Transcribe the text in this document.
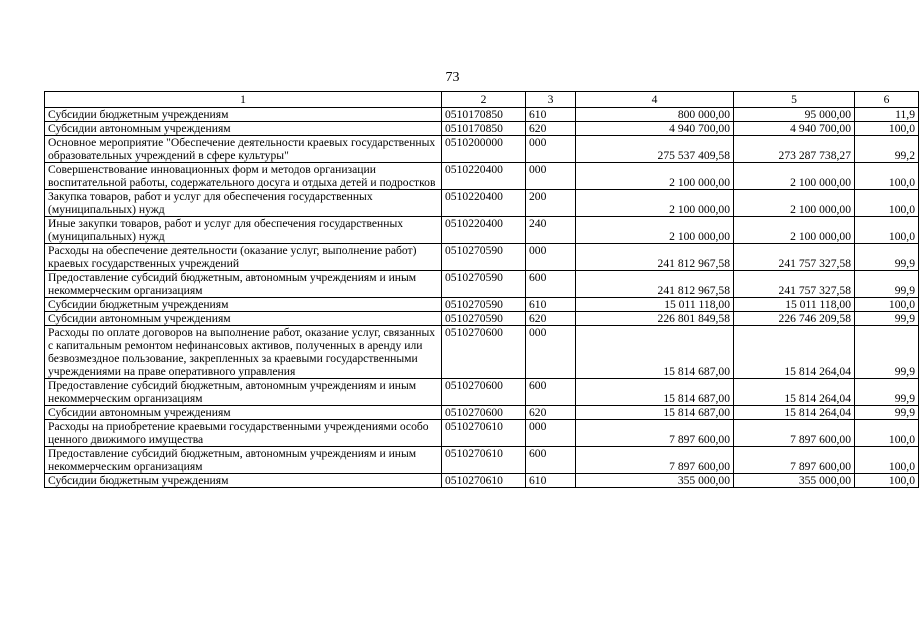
73
1	2	3	4	5	6
Субсидии бюджетным учреждениям	0510170850	610	800 000,00	95 000,00	11,9
Субсидии автономным учреждениям	0510170850	620	4 940 700,00	4 940 700,00	100,0
Основное мероприятие "Обеспечение деятельности краевых государственных образовательных учреждений в сфере культуры"	0510200000	000	275 537 409,58	273 287 738,27	99,2
Совершенствование инновационных форм и методов организации воспитательной работы, содержательного досуга и отдыха детей и подростков	0510220400	000	2 100 000,00	2 100 000,00	100,0
Закупка товаров, работ и услуг для обеспечения государственных (муниципальных) нужд	0510220400	200	2 100 000,00	2 100 000,00	100,0
Иные закупки товаров, работ и услуг для обеспечения государственных (муниципальных) нужд	0510220400	240	2 100 000,00	2 100 000,00	100,0
Расходы на обеспечение деятельности (оказание услуг, выполнение работ) краевых государственных учреждений	0510270590	000	241 812 967,58	241 757 327,58	99,9
Предоставление субсидий бюджетным, автономным учреждениям и иным некоммерческим организациям	0510270590	600	241 812 967,58	241 757 327,58	99,9
Субсидии бюджетным учреждениям	0510270590	610	15 011 118,00	15 011 118,00	100,0
Субсидии автономным учреждениям	0510270590	620	226 801 849,58	226 746 209,58	99,9
Расходы по оплате договоров на выполнение работ, оказание услуг, связанных с капитальным ремонтом нефинансовых активов, полученных в аренду или безвозмездное пользование, закрепленных за краевыми государственными учреждениями на праве оперативного управления	0510270600	000	15 814 687,00	15 814 264,04	99,9
Предоставление субсидий бюджетным, автономным учреждениям и иным некоммерческим организациям	0510270600	600	15 814 687,00	15 814 264,04	99,9
Субсидии автономным учреждениям	0510270600	620	15 814 687,00	15 814 264,04	99,9
Расходы на приобретение краевыми государственными учреждениями особо ценного движимого имущества	0510270610	000	7 897 600,00	7 897 600,00	100,0
Предоставление субсидий бюджетным, автономным учреждениям и иным некоммерческим организациям	0510270610	600	7 897 600,00	7 897 600,00	100,0
Субсидии бюджетным учреждениям	0510270610	610	355 000,00	355 000,00	100,0
